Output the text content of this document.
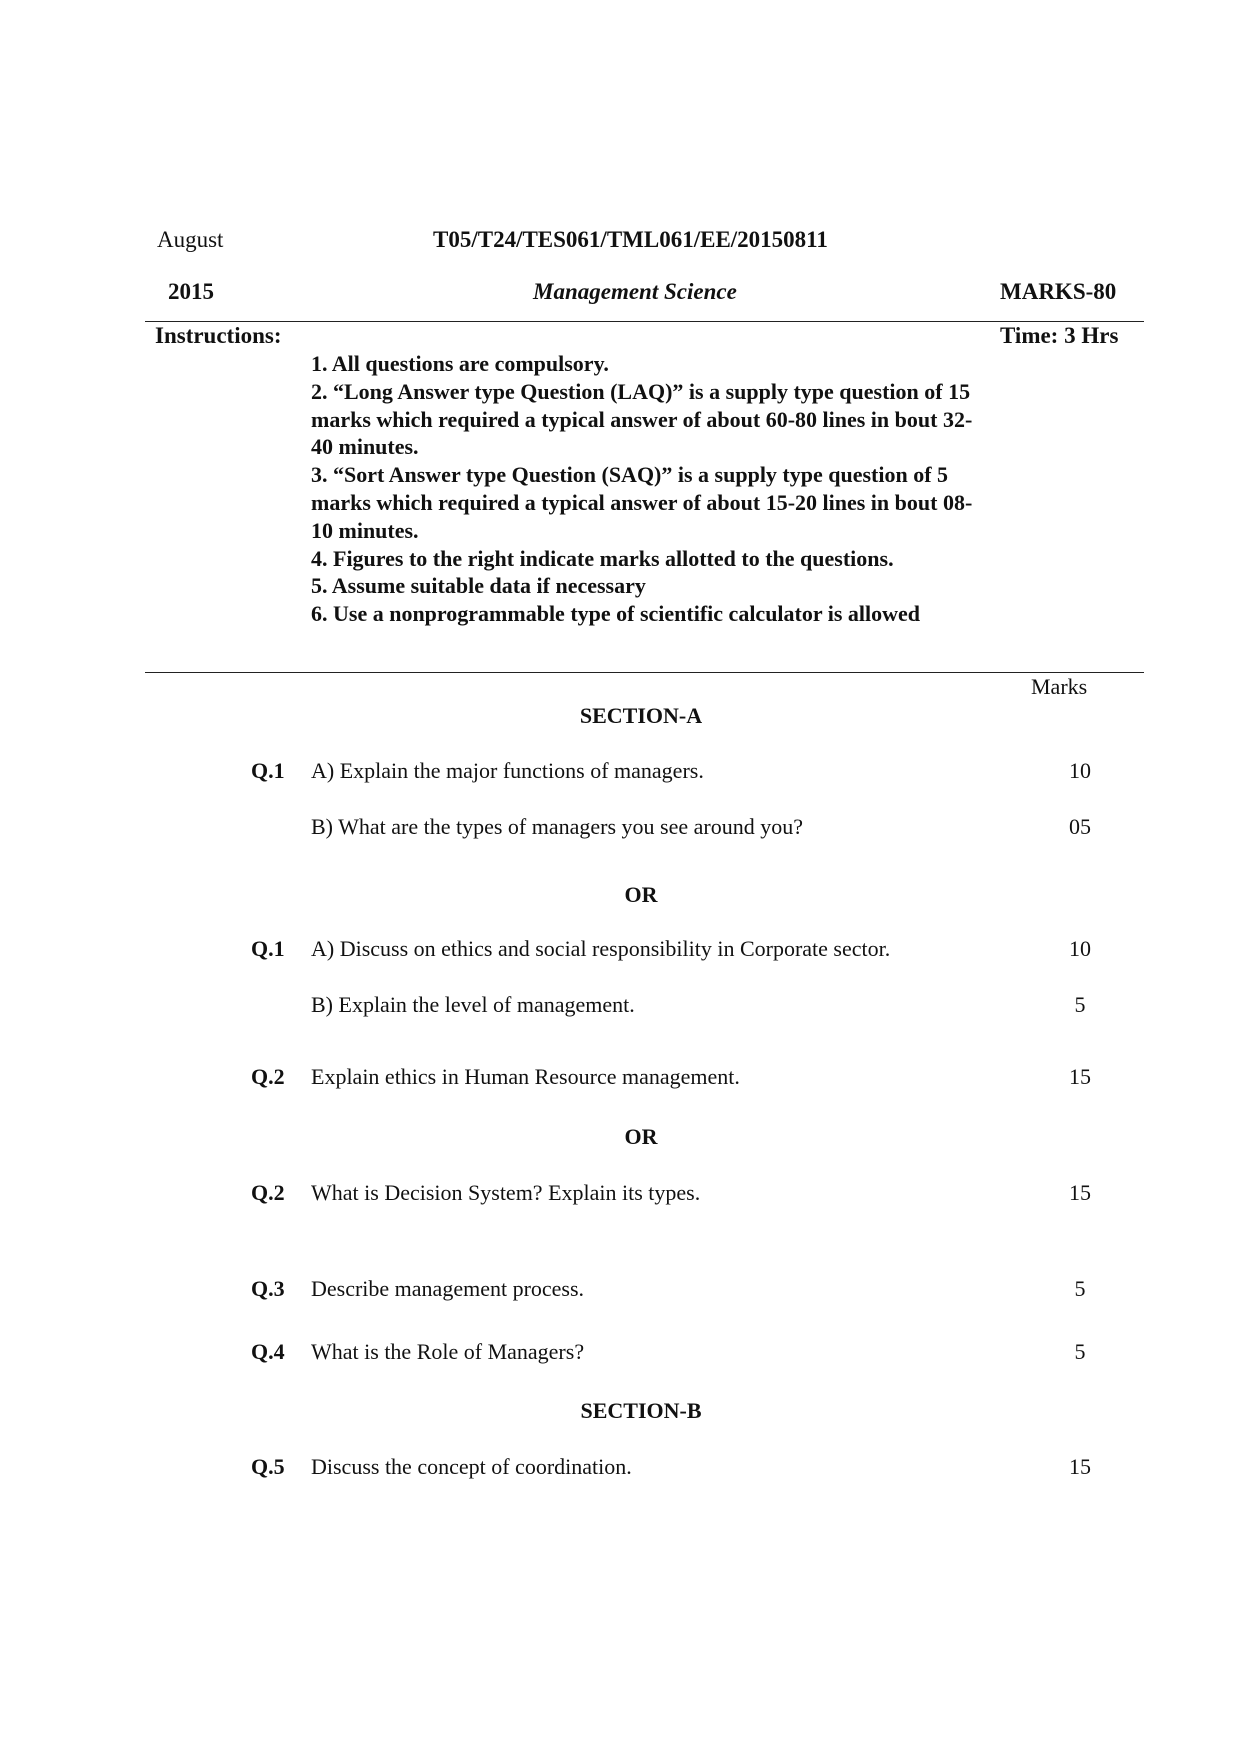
August	T05/T24/TES061/TML061/EE/20150811
2015	Management Science	MARKS-80
Instructions:	Time: 3 Hrs
1. All questions are compulsory.
2. “Long Answer type Question (LAQ)” is a supply type question of 15 marks which required a typical answer of about 60-80 lines in bout 32-40 minutes.
3. “Sort Answer type Question (SAQ)” is a supply type question of 5 marks which required a typical answer of about 15-20 lines in bout 08-10 minutes.
4. Figures to the right indicate marks allotted to the questions.
5. Assume suitable data if necessary
6. Use a nonprogrammable type of scientific calculator is allowed
Marks
SECTION-A
Q.1 A) Explain the major functions of managers.	10
B) What are the types of managers you see around you?	05
OR
Q.1 A) Discuss on ethics and social responsibility in Corporate sector.	10
B) Explain the level of management.	5
Q.2 Explain ethics in Human Resource management.	15
OR
Q.2 What is Decision System? Explain its types.	15
Q.3 Describe management process.	5
Q.4 What is the Role of Managers?	5
SECTION-B
Q.5 Discuss the concept of coordination.	15
